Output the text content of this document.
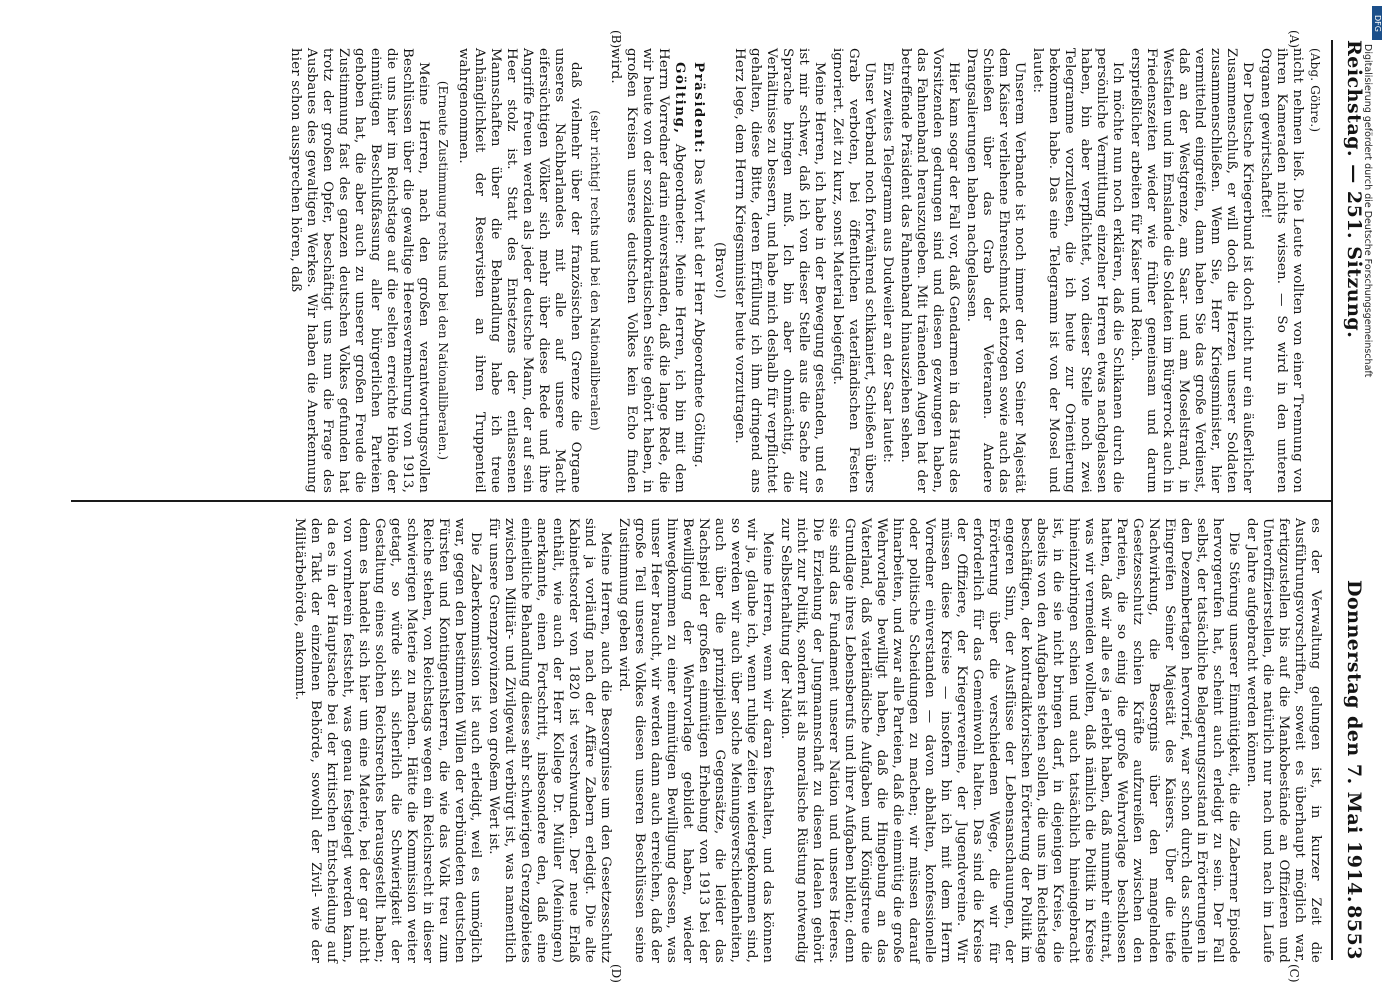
Reichstag. — 251. Sitzung.
Donnerstag den 7. Mai 1914.
8553
(A)
(B)
(C)
(D)

(Abg. Göhre.)

nicht nehmen ließ. Die Leute wollten von einer Trennung von ihren Kameraden nichts wissen. — So wird in den unteren Organen gewirtschaftet!

Der Deutsche Kriegerbund ist doch nicht nur ein äußerlicher Zusammenschluß, er will doch die Herzen unserer Soldaten zusammenschließen. Wenn Sie, Herr Kriegsminister, hier vermittelnd eingreifen, dann haben Sie das große Verdienst, daß an der Westgrenze, am Saar- und am Moselstrand, in Westfalen und im Emslande die Soldaten im Bürgerrock auch in Friedenszeiten wieder wie früher gemeinsam und darum ersprießlicher arbeiten für Kaiser und Reich.

Ich möchte nun noch erklären, daß die Schikanen durch die persönliche Vermittlung einzelner Herren etwas nachgelassen haben, bin aber verpflichtet, von dieser Stelle noch zwei Telegramme vorzulesen, die ich heute zur Orientierung bekommen habe. Das eine Telegramm ist von der Mosel und lautet:

Unserem Verbande ist noch immer der von Seiner Majestät dem Kaiser verliehene Ehrenschmuck entzogen sowie auch das Schießen über das Grab der Veteranen. Andere Drangsalierungen haben nachgelassen.

Hier kam sogar der Fall vor, daß Gendarmen in das Haus des Vorsitzenden gedrungen sind und diesen gezwungen haben, das Fahnenband herauszugeben. Mit tränenden Augen hat der betreffende Präsident das Fahnenband hinausziehen sehen.

Ein zweites Telegramm aus Dudweiler an der Saar lautet:

Unser Verband noch fortwährend schikaniert, Schießen übers Grab verboten, bei öffentlichen vaterländischen Festen ignoriert. Zeit zu kurz, sonst Material beigefügt.

Meine Herren, ich habe in der Bewegung gestanden, und es ist mir schwer, daß ich von dieser Stelle aus die Sache zur Sprache bringen muß. Ich bin aber ohnmächtig, die Verhältnisse zu bessern, und habe mich deshalb für verpflichtet gehalten, diese Bitte, deren Erfüllung ich ihm dringend ans Herz lege, dem Herrn Kriegsminister heute vorzutragen.

(Bravo!)

Präsident: Das Wort hat der Herr Abgeordnete Gölting.

Gölting, Abgeordneter: Meine Herren, ich bin mit dem Herrn Vorredner darin einverstanden, daß die lange Rede, die wir heute von der sozialdemokratischen Seite gehört haben, in großen Kreisen unseres deutschen Volkes kein Echo finden wird.

(sehr richtig! rechts und bei den Nationalliberalen)

daß vielmehr über der französischen Grenze die Organe unseres Nachbarlandes mit alle auf unsere Macht eifersüchtigen Völker sich mehr über diese Rede und ihre Angriffe freuen werden als jeder deutsche Mann, der auf sein Heer stolz ist. Statt des Entsetzens der entlassenen Mannschaften über die Behandlung habe ich treue Anhänglichkeit der Reservisten an ihren Truppenteil wahrgenommen.

(Erneute Zustimmung rechts und bei den Nationalliberalen.)

Meine Herren, nach den großen verantwortungsvollen Beschlüssen über die gewaltige Heeresvermehrung von 1913, die uns hier im Reichstage auf die selten erreichte Höhe der einmütigen Beschlußfassung aller bürgerlichen Parteien gehoben hat, die aber auch zu unserer großen Freude die Zustimmung fast des ganzen deutschen Volkes gefunden hat trotz der großen Opfer, beschäftigt uns nun die Frage des Ausbaues des gewaltigen Werkes. Wir haben die Anerkennung hier schon aussprechen hören, daß

es der Verwaltung gelungen ist, in kurzer Zeit die Ausführungsvorschriften, soweit es überhaupt möglich war, fertigzustellen bis auf die Mankobestände an Offizieren und Unteroffizierstellen, die natürlich nur nach und nach im Laufe der Jahre aufgebracht werden können.

Die Störung unserer Einmütigkeit, die die Zaberner Episode hervorgerufen hat, scheint auch erledigt zu sein. Der Fall selbst, der tatsächliche Belagerungszustand in Erörterungen in den Dezembertagen hervorrief, war schon durch das schnelle Eingreifen Seiner Majestät des Kaisers. Über die tiefe Nachwirkung, die Besorgnis über den mangelnden Gesetzesschutz schien Kräfte aufzureißen zwischen den Parteien, die so einig die große Wehrvorlage beschlossen hatten, daß wir alle es ja erlebt haben, daß nunmehr eintrat, was wir vermeiden wollten, daß nämlich die Politik in Kreise hineinzubringen schien und auch tatsächlich hineingebracht ist, in die sie nicht bringen darf, in diejenigen Kreise, die abseits von den Aufgaben stehen sollen, die uns im Reichstage beschäftigen, der kontradiktorischen Erörterung der Politik im engeren Sinn, der Ausflüsse der Lebensanschauungen, der Erörterung über die verschiedenen Wege, die wir für erforderlich für das Gemeinwohl halten. Das sind die Kreise der Offiziere, der Kriegervereine, der Jugendvereine. Wir müssen diese Kreise — insofern bin ich mit dem Herrn Vorredner einverstanden — davon abhalten, konfessionelle oder politische Scheidungen zu machen; wir müssen darauf hinarbeiten, und zwar alle Parteien, daß die einmütig die große Wehrvorlage bewilligt haben, daß die Hingebung an das Vaterland, daß vaterländische Aufgaben und Königstreue die Grundlage ihres Lebensberufs und ihrer Aufgaben bilden; denn sie sind das Fundament unserer Nation und unseres Heeres. Die Erziehung der Jungmannschaft zu diesen Idealen gehört nicht zur Politik, sondern ist als moralische Rüstung notwendig zur Selbsterhaltung der Nation.

Meine Herren, wenn wir daran festhalten, und das können wir ja, glaube ich, wenn ruhige Zeiten wiedergekommen sind, so werden wir auch über solche Meinungsverschiedenheiten, auch über die prinzipiellen Gegensätze, die leider das Nachspiel der großen einmütigen Erhebung von 1913 bei der Bewilligung der Wehrvorlage gebildet haben, wieder hinwegkommen zu einer einmütigen Bewilligung dessen, was unser Heer braucht, wir werden dann auch erreichen, daß der große Teil unseres Volkes diesen unseren Beschlüssen seine Zustimmung geben wird.

Meine Herren, auch die Besorgnisse um den Gesetzesschutz sind ja vorläufig nach der Affäre Zabern erledigt. Die alte Kabinettsorder von 1820 ist verschwunden. Der neue Erlaß enthält, wie auch der Herr Kollege Dr. Müller (Meiningen) anerkannte, einen Fortschritt, insbesondere den, daß eine einheitliche Behandlung dieses sehr schwierigen Grenzgebietes zwischen Militär- und Zivilgewalt verbürgt ist, was namentlich für unsere Grenzprovinzen von großem Wert ist.

Die Zaberkommission ist auch erledigt, weil es unmöglich war, gegen den bestimmten Willen der verbündeten deutschen Fürsten und Kontingentsherren, die wie das Volk treu zum Reiche stehen, von Reichstags wegen ein Reichsrecht in dieser schwierigen Materie zu machen. Hätte die Kommission weiter getagt, so würde sich sicherlich die Schwierigkeit der Gestaltung eines solchen Reichsrechtes herausgestellt haben; denn es handelt sich hier um eine Materie, bei der gar nicht von vornherein feststeht, was genau festgelegt werden kann, da es in der Hauptsache bei der kritischen Entscheidung auf den Takt der einzelnen Behörde, sowohl der Zivil- wie der Militärbehörde, ankommt.

DFG
Digitalisierung gefördert durch die Deutsche Forschungsgemeinschaft
